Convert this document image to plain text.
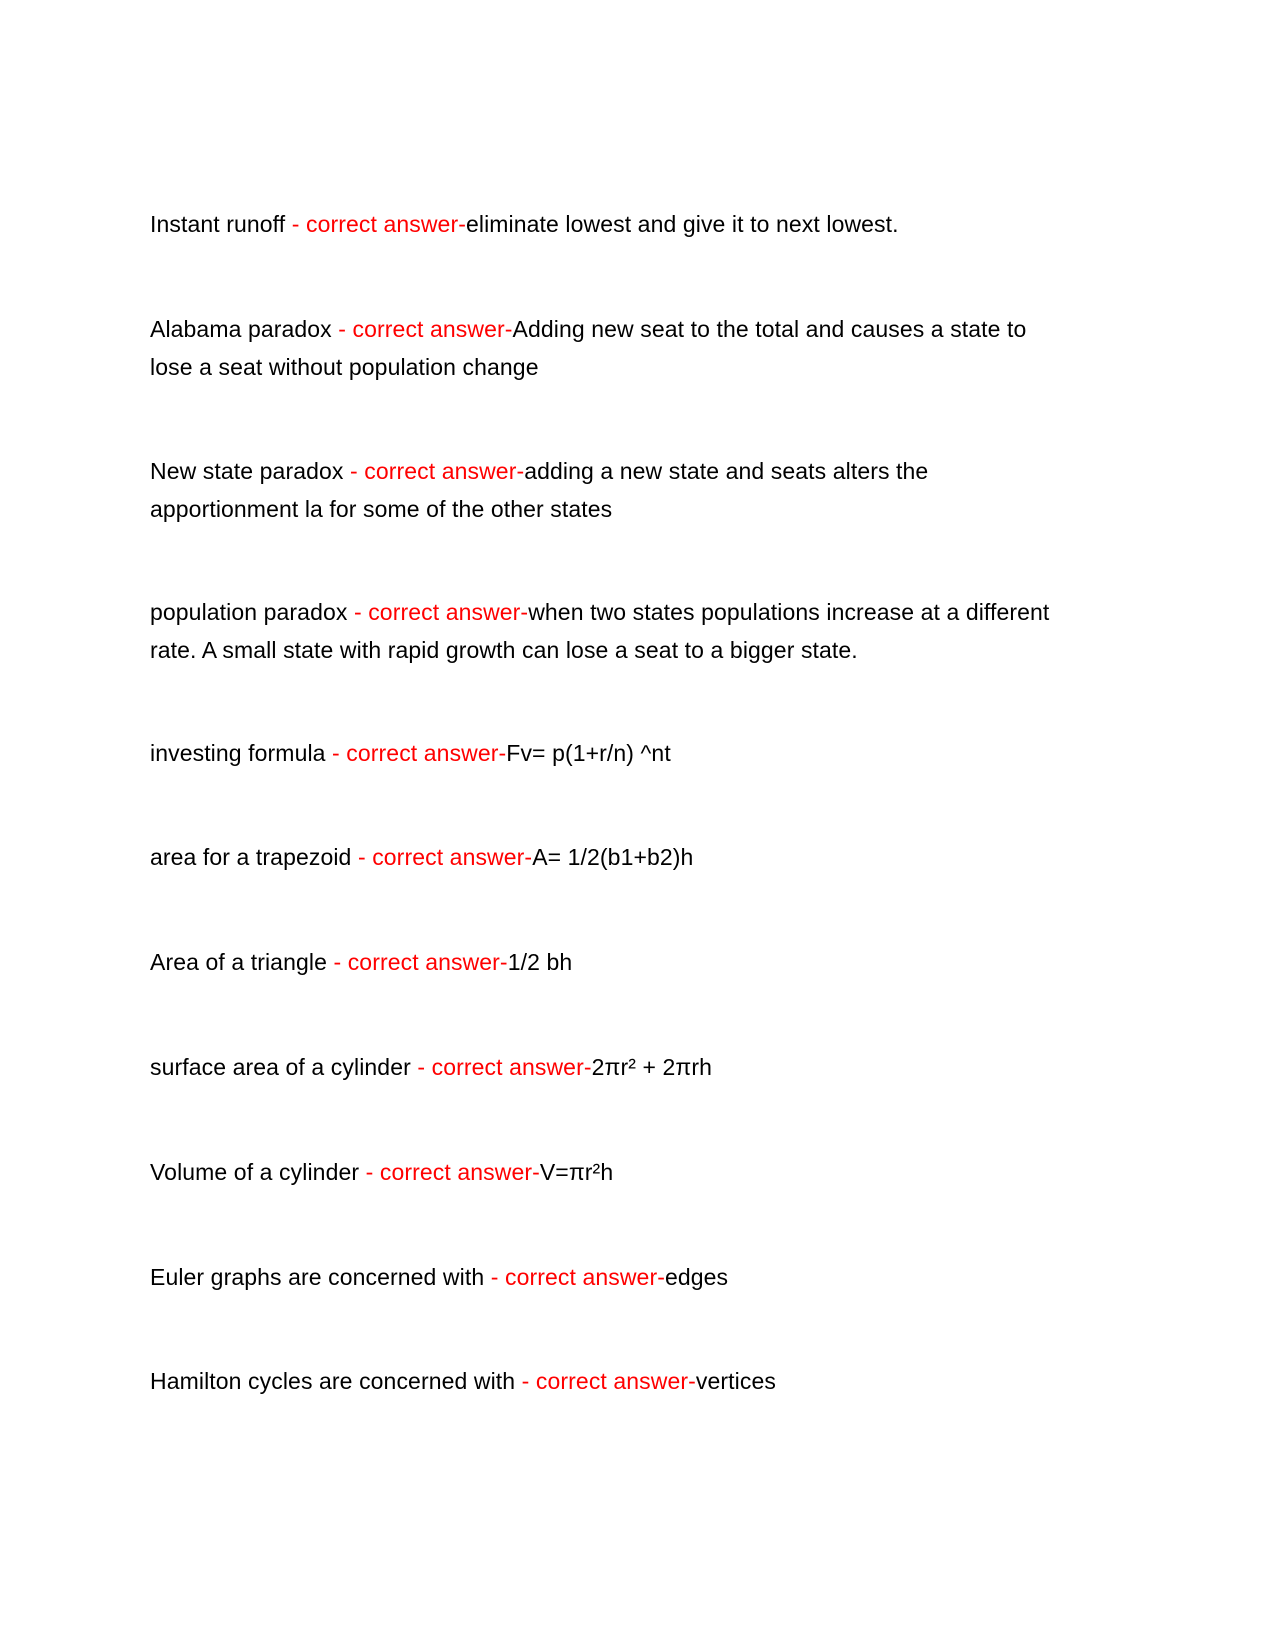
Instant runoff - correct answer-eliminate lowest and give it to next lowest.
Alabama paradox - correct answer-Adding new seat to the total and causes a state to lose a seat without population change
New state paradox - correct answer-adding a new state and seats alters the apportionment la for some of the other states
population paradox - correct answer-when two states populations increase at a different rate. A small state with rapid growth can lose a seat to a bigger state.
investing formula - correct answer-Fv= p(1+r/n) ^nt
area for a trapezoid - correct answer-A= 1/2(b1+b2)h
Area of a triangle - correct answer-1/2 bh
surface area of a cylinder - correct answer-2πr² + 2πrh
Volume of a cylinder - correct answer-V=πr²h
Euler graphs are concerned with - correct answer-edges
Hamilton cycles are concerned with - correct answer-vertices
